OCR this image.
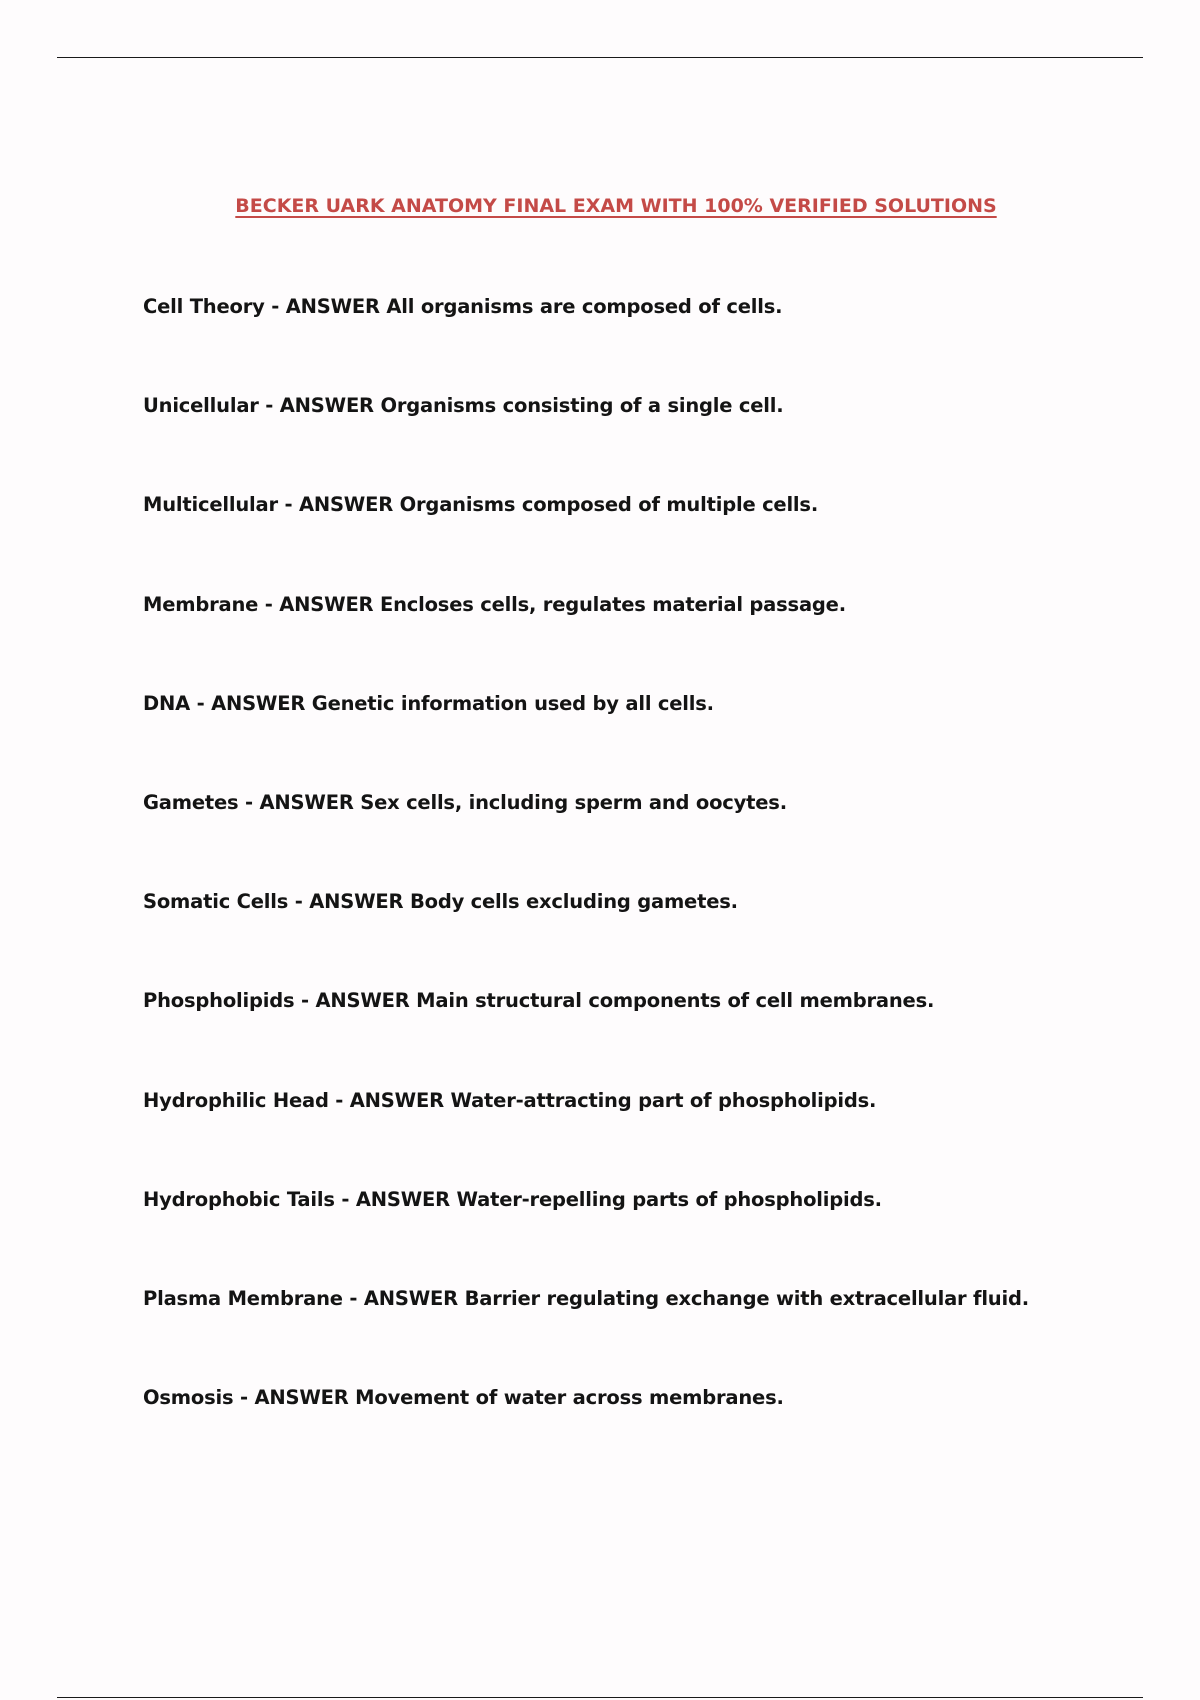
BECKER UARK ANATOMY FINAL EXAM WITH 100% VERIFIED SOLUTIONS
Cell Theory - ANSWER All organisms are composed of cells.
Unicellular - ANSWER Organisms consisting of a single cell.
Multicellular - ANSWER Organisms composed of multiple cells.
Membrane - ANSWER Encloses cells, regulates material passage.
DNA - ANSWER Genetic information used by all cells.
Gametes - ANSWER Sex cells, including sperm and oocytes.
Somatic Cells - ANSWER Body cells excluding gametes.
Phospholipids - ANSWER Main structural components of cell membranes.
Hydrophilic Head - ANSWER Water-attracting part of phospholipids.
Hydrophobic Tails - ANSWER Water-repelling parts of phospholipids.
Plasma Membrane - ANSWER Barrier regulating exchange with extracellular fluid.
Osmosis - ANSWER Movement of water across membranes.
